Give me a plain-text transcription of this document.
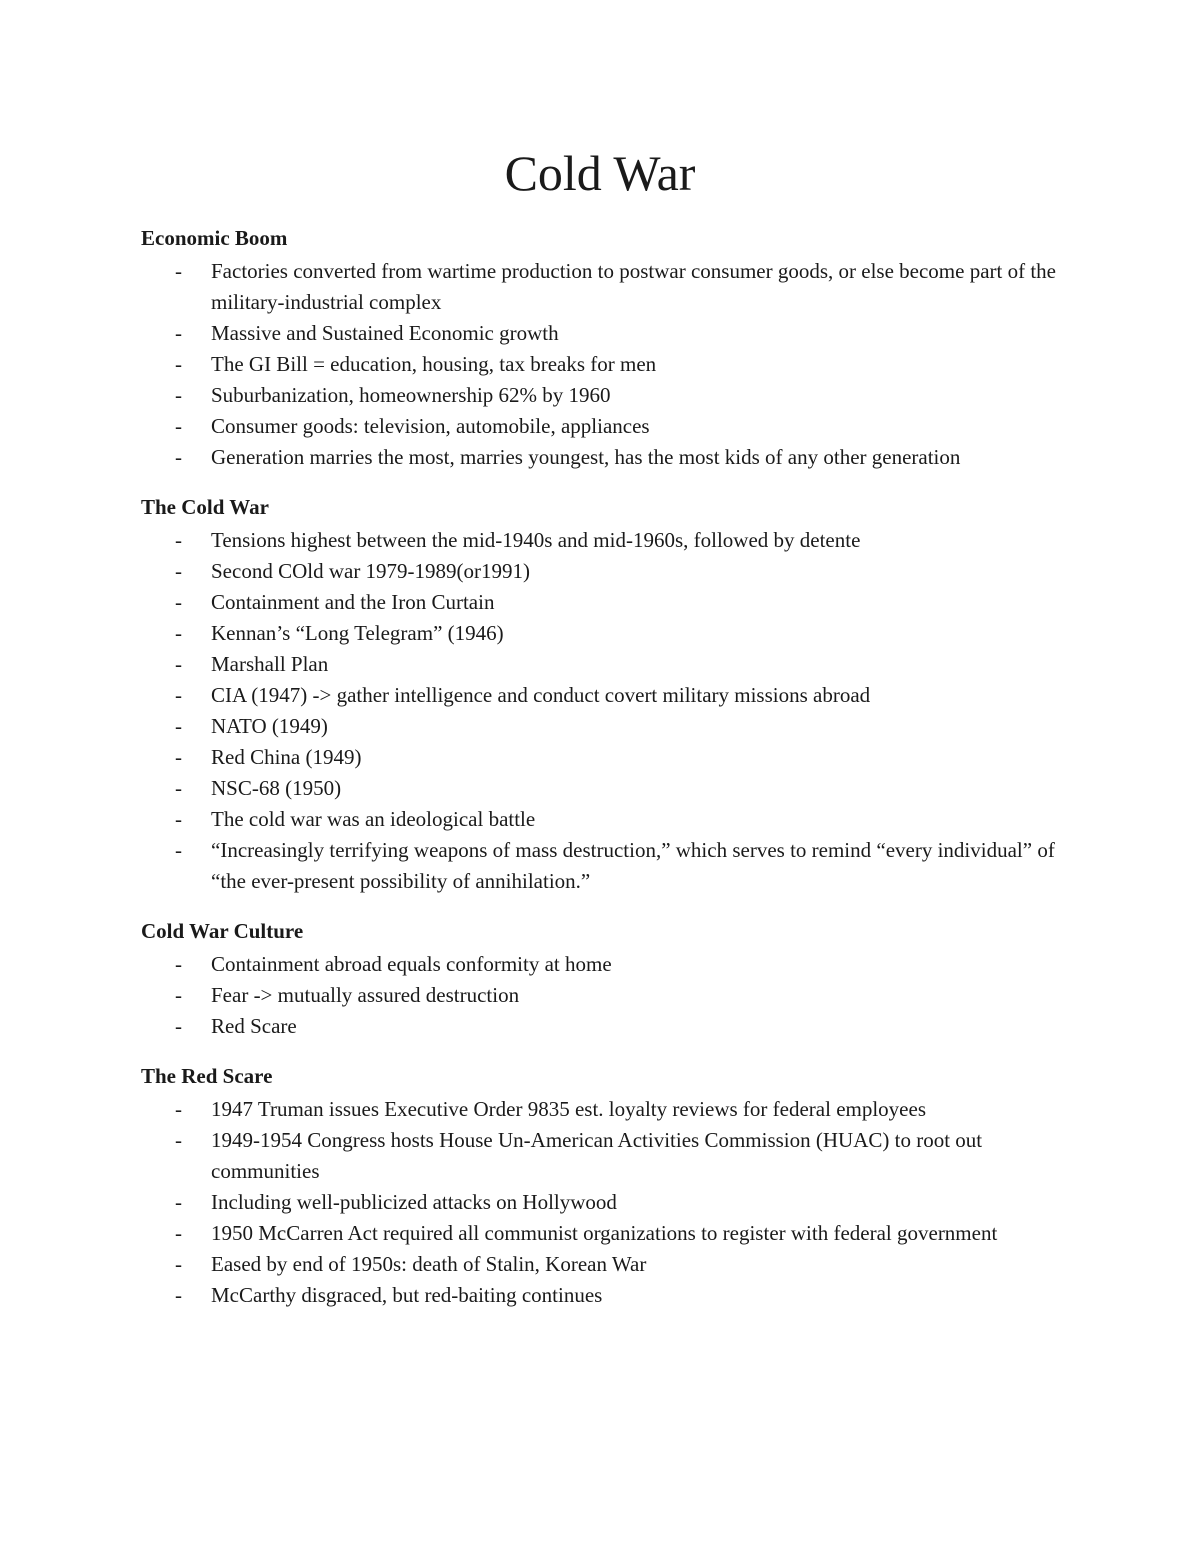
Cold War
Economic Boom
- Factories converted from wartime production to postwar consumer goods, or else become part of the military-industrial complex
- Massive and Sustained Economic growth
- The GI Bill = education, housing, tax breaks for men
- Suburbanization, homeownership 62% by 1960
- Consumer goods: television, automobile, appliances
- Generation marries the most, marries youngest, has the most kids of any other generation
The Cold War
- Tensions highest between the mid-1940s and mid-1960s, followed by detente
- Second COld war 1979-1989(or1991)
- Containment and the Iron Curtain
- Kennan’s “Long Telegram” (1946)
- Marshall Plan
- CIA (1947) -> gather intelligence and conduct covert military missions abroad
- NATO (1949)
- Red China (1949)
- NSC-68 (1950)
- The cold war was an ideological battle
- “Increasingly terrifying weapons of mass destruction,” which serves to remind “every individual” of “the ever-present possibility of annihilation.”
Cold War Culture
- Containment abroad equals conformity at home
- Fear -> mutually assured destruction
- Red Scare
The Red Scare
- 1947 Truman issues Executive Order 9835 est. loyalty reviews for federal employees
- 1949-1954 Congress hosts House Un-American Activities Commission (HUAC) to root out communities
- Including well-publicized attacks on Hollywood
- 1950 McCarren Act required all communist organizations to register with federal government
- Eased by end of 1950s: death of Stalin, Korean War
- McCarthy disgraced, but red-baiting continues
